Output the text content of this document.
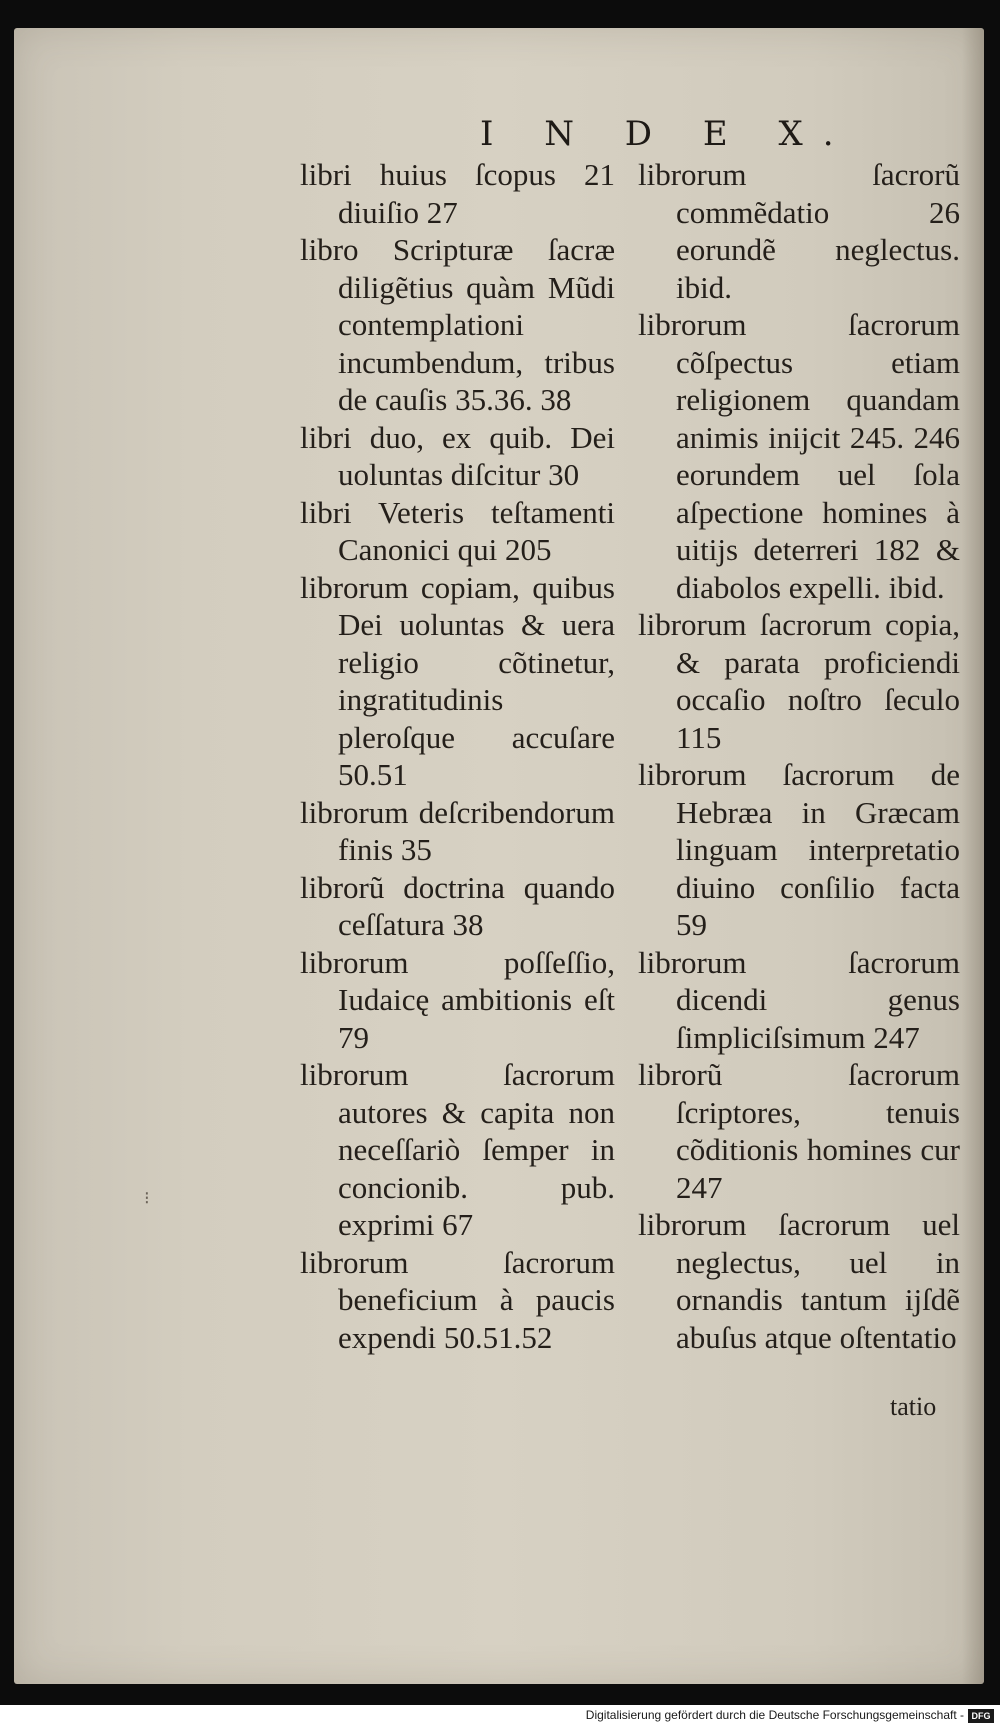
I N D E X.
libri huius ſcopus 21 diuiſio 27
libro Scripturæ ſacræ diligẽtius quàm Mũdi contemplationi incumbendum, tribus de cauſis 35.36. 38
libri duo, ex quib. Dei uoluntas diſcitur 30
libri Veteris teſtamenti Canonici qui 205
librorum copiam, quibus Dei uoluntas & uera religio cõtinetur, ingratitudinis pleroſque accuſare 50.51
librorum deſcribendorum finis 35
librorũ doctrina quando ceſſatura 38
librorum poſſeſſio, Iudaicę ambitionis eſt 79
librorum ſacrorum autores & capita non neceſſariò ſemper in concionib. pub. exprimi 67
librorum ſacrorum beneficium à paucis expendi 50.51.52
librorum ſacrorũ commẽdatio 26 eorundẽ neglectus. ibid.
librorum ſacrorum cõſpectus etiam religionem quandam animis inijcit 245. 246 eorundem uel ſola aſpectione homines à uitijs deterreri 182 & diabolos expelli. ibid.
librorum ſacrorum copia, & parata proficiendi occaſio noſtro ſeculo 115
librorum ſacrorum de Hebræa in Græcam linguam interpretatio diuino conſilio facta 59
librorum ſacrorum dicendi genus ſimpliciſsimum 247
librorũ ſacrorum ſcriptores, tenuis cõditionis homines cur 247
librorum ſacrorum uel neglectus, uel in ornandis tantum ijſdẽ abuſus atque oſtentatio
tatio
⁝
Digitalisierung gefördert durch die Deutsche Forschungsgemeinschaft - DFG
